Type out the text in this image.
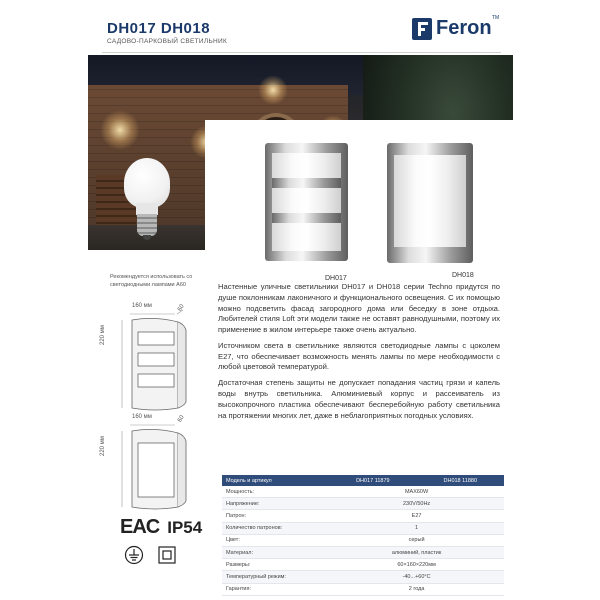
DH017 DH018
САДОВО-ПАРКОВЫЙ СВЕТИЛЬНИК
Feron TM
Рекомендуется использовать со светодиодными лампами А60
DH017	DH018
160 мм	60
220 мм
160 мм	60
220 мм
EAC IP54

Настенные уличные светильники DH017 и DH018 серии Techno придутся по душе поклонникам лаконичного и функционального освещения. С их помощью можно подсветить фасад загородного дома или беседку в зоне отдыха. Любителей стиля Loft эти модели также не оставят равнодушными, поэтому их применение в жилом интерьере также очень актуально.

Источником света в светильнике являются светодиодные лампы с цоколем Е27, что обеспечивает возможность менять лампы по мере необходимости с любой цветовой температурой.

Достаточная степень защиты не допускает попадания частиц грязи и капель воды внутрь светильника. Алюминиевый корпус и рассеиватель из высокопрочного пластика обеспечивают бесперебойную работу светильника на протяжении многих лет, даже в неблагоприятных погодных условиях.

Модель и артикул	DH017 11879	DH018 11880
Мощность:	MAX60W	
Напряжение:	230V/50Hz	
Патрон:	E27	
Количество патронов:	1	
Цвет:	серый	
Материал:	алюминий, пластик	
Размеры:	60×160×220мм	
Температурный режим:	-40...+60°C	
Гарантия:	2 года	
